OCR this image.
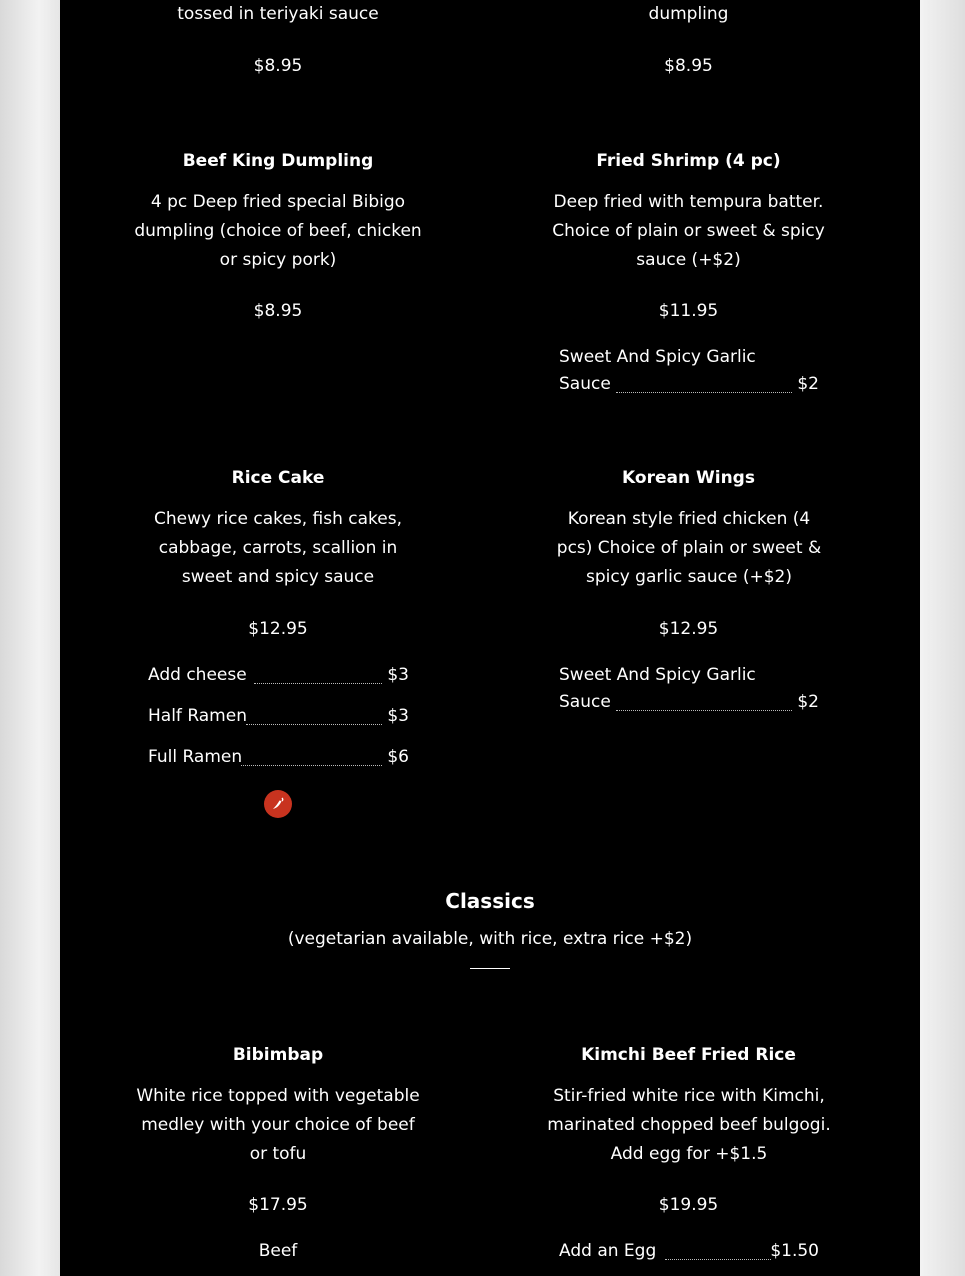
tossed in teriyaki sauce
$8.95
dumpling
$8.95
Beef King Dumpling
4 pc Deep fried special Bibigo dumpling (choice of beef, chicken or spicy pork)
$8.95
Fried Shrimp (4 pc)
Deep fried with tempura batter. Choice of plain or sweet & spicy sauce (+$2)
$11.95
Sweet And Spicy Garlic Sauce	$2
Rice Cake
Chewy rice cakes, fish cakes, cabbage, carrots, scallion in sweet and spicy sauce
$12.95
Add cheese	$3
Half Ramen	$3
Full Ramen	$6
Korean Wings
Korean style fried chicken (4 pcs) Choice of plain or sweet & spicy garlic sauce (+$2)
$12.95
Sweet And Spicy Garlic Sauce	$2
Classics
(vegetarian available, with rice, extra rice +$2)
Bibimbap
White rice topped with vegetable medley with your choice of beef or tofu
$17.95
Beef
Kimchi Beef Fried Rice
Stir-fried white rice with Kimchi, marinated chopped beef bulgogi. Add egg for +$1.5
$19.95
Add an Egg	$1.50
